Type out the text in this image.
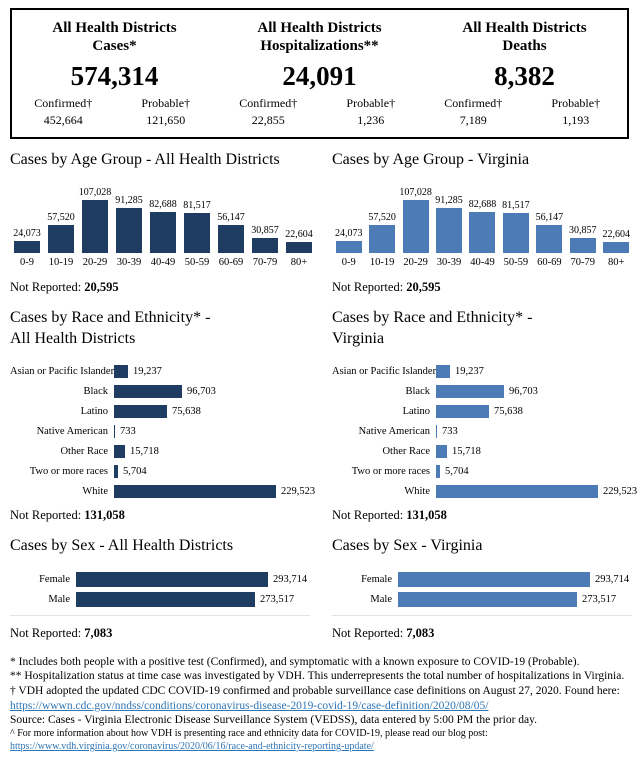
All Health Districts
Cases*
574,314
Confirmed†
452,664
Probable†
121,650
All Health Districts
Hospitalizations**
24,091
Confirmed†
22,855
Probable†
1,236
All Health Districts
Deaths
8,382
Confirmed†
7,189
Probable†
1,193
Cases by Age Group - All Health Districts
24,073
0-9
57,520
10-19
107,028
20-29
91,285
30-39
82,688
40-49
81,517
50-59
56,147
60-69
30,857
70-79
22,604
80+
Not Reported: 20,595
Cases by Age Group - Virginia
24,073
0-9
57,520
10-19
107,028
20-29
91,285
30-39
82,688
40-49
81,517
50-59
56,147
60-69
30,857
70-79
22,604
80+
Not Reported: 20,595
Cases by Race and Ethnicity* -
All Health Districts
Asian or Pacific Islander 19,237
Black	96,703
Latino	75,638
Native American	733
Other Race	15,718
Two or more races	5,704
White	229,523
Not Reported: 131,058
Cases by Race and Ethnicity* -
Virginia
Asian or Pacific Islander 19,237
Black	96,703
Latino	75,638
Native American	733
Other Race	15,718
Two or more races	5,704
White	229,523
Not Reported: 131,058
Cases by Sex - All Health Districts
Female	293,714
Male	273,517
Not Reported: 7,083
Cases by Sex - Virginia
Female	293,714
Male	273,517
Not Reported: 7,083
* Includes both people with a positive test (Confirmed), and symptomatic with a known exposure to COVID-19 (Probable).
** Hospitalization status at time case was investigated by VDH. This underrepresents the total number of hospitalizations in Virginia.
† VDH adopted the updated CDC COVID-19 confirmed and probable surveillance case definitions on August 27, 2020. Found here: https://wwwn.cdc.gov/nndss/conditions/coronavirus-disease-2019-covid-19/case-definition/2020/08/05/
Source: Cases - Virginia Electronic Disease Surveillance System (VEDSS), data entered by 5:00 PM the prior day.
^ For more information about how VDH is presenting race and ethnicity data for COVID-19, please read our blog post:
https://www.vdh.virginia.gov/coronavirus/2020/06/16/race-and-ethnicity-reporting-update/
